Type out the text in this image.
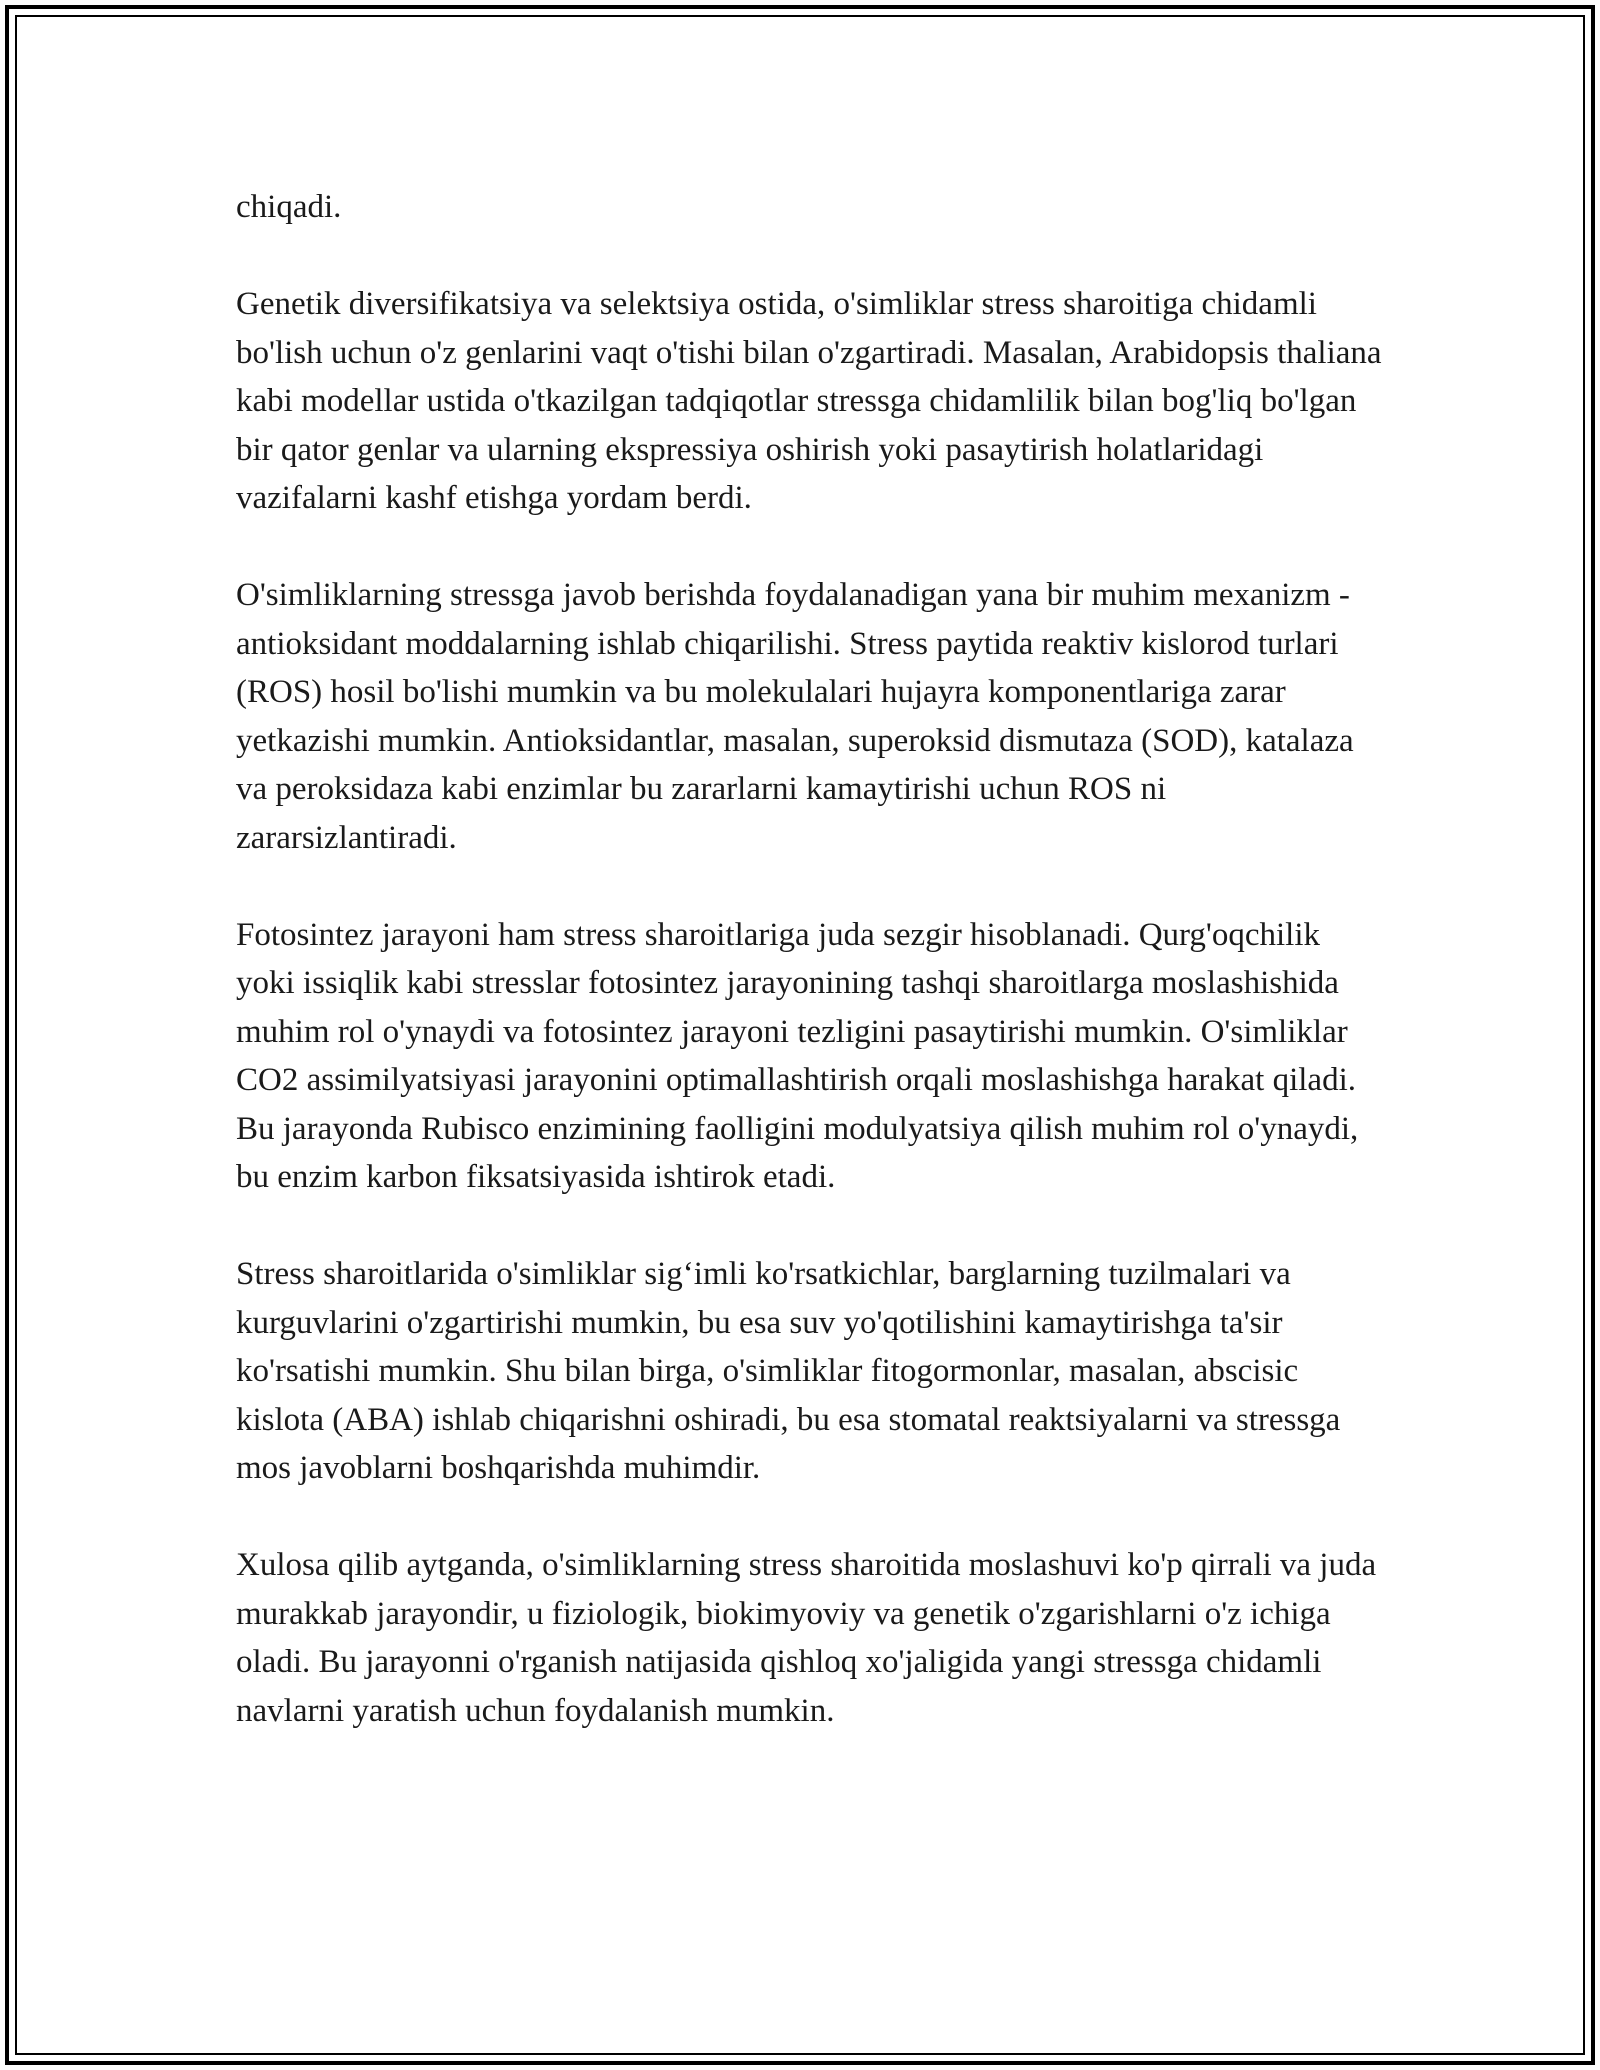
chiqadi.

Genetik diversifikatsiya va selektsiya ostida, o'simliklar stress sharoitiga chidamli bo'lish uchun o'z genlarini vaqt o'tishi bilan o'zgartiradi. Masalan, Arabidopsis thaliana kabi modellar ustida o'tkazilgan tadqiqotlar stressga chidamlilik bilan bog'liq bo'lgan bir qator genlar va ularning ekspressiya oshirish yoki pasaytirish holatlaridagi vazifalarni kashf etishga yordam berdi.

O'simliklarning stressga javob berishda foydalanadigan yana bir muhim mexanizm - antioksidant moddalarning ishlab chiqarilishi. Stress paytida reaktiv kislorod turlari (ROS) hosil bo'lishi mumkin va bu molekulalari hujayra komponentlariga zarar yetkazishi mumkin. Antioksidantlar, masalan, superoksid dismutaza (SOD), katalaza va peroksidaza kabi enzimlar bu zararlarni kamaytirishi uchun ROS ni zararsizlantiradi.

Fotosintez jarayoni ham stress sharoitlariga juda sezgir hisoblanadi. Qurg'oqchilik yoki issiqlik kabi stresslar fotosintez jarayonining tashqi sharoitlarga moslashishida muhim rol o'ynaydi va fotosintez jarayoni tezligini pasaytirishi mumkin. O'simliklar CO2 assimilyatsiyasi jarayonini optimallashtirish orqali moslashishga harakat qiladi. Bu jarayonda Rubisco enzimining faolligini modulyatsiya qilish muhim rol o'ynaydi, bu enzim karbon fiksatsiyasida ishtirok etadi.

Stress sharoitlarida o'simliklar sig‘imli ko'rsatkichlar, barglarning tuzilmalari va kurguvlarini o'zgartirishi mumkin, bu esa suv yo'qotilishini kamaytirishga ta'sir ko'rsatishi mumkin. Shu bilan birga, o'simliklar fitogormonlar, masalan, abscisic kislota (ABA) ishlab chiqarishni oshiradi, bu esa stomatal reaktsiyalarni va stressga mos javoblarni boshqarishda muhimdir.

Xulosa qilib aytganda, o'simliklarning stress sharoitida moslashuvi ko'p qirrali va juda murakkab jarayondir, u fiziologik, biokimyoviy va genetik o'zgarishlarni o'z ichiga oladi. Bu jarayonni o'rganish natijasida qishloq xo'jaligida yangi stressga chidamli navlarni yaratish uchun foydalanish mumkin.
